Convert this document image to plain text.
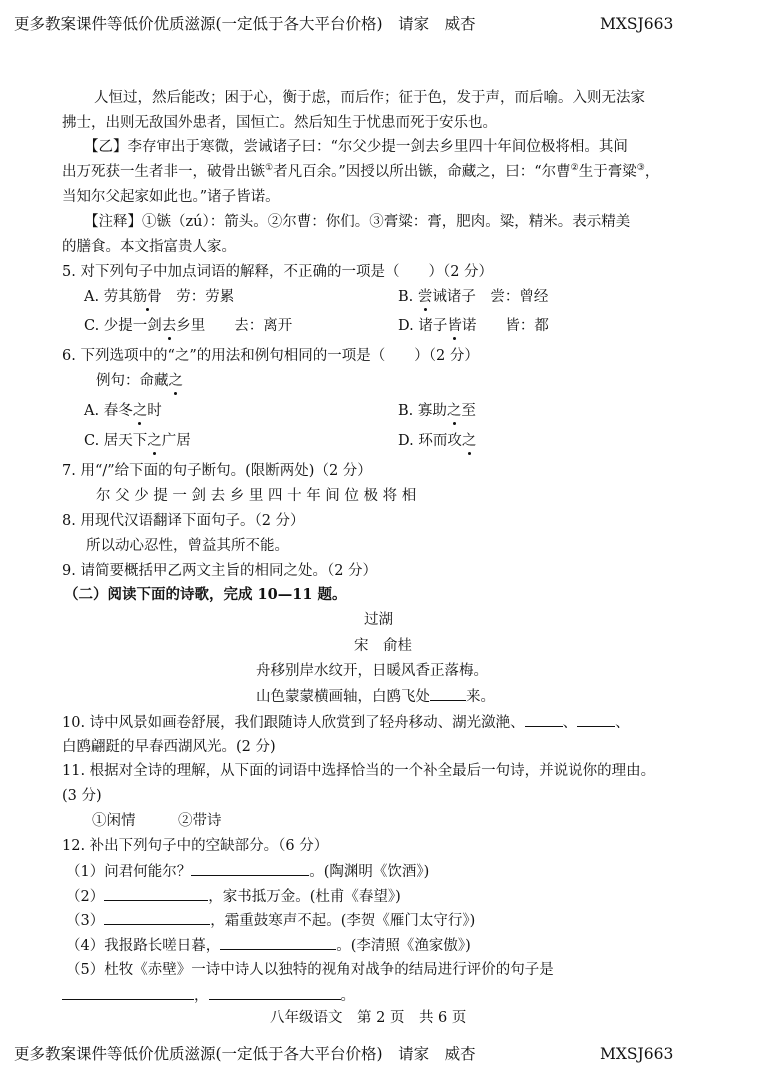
更多教案课件等低价优质滋源(一定低于各大平台价格)　请家　威杏	MXSJ663
人恒过，然后能改；困于心，衡于虑，而后作；征于色，发于声，而后喻。入则无法家
拂士，出则无敌国外患者，国恒亡。然后知生于忧患而死于安乐也。
【乙】李存审出于寒微，尝诫诸子曰：“尔父少提一剑去乡里四十年间位极将相。其间
出万死获一生者非一，破骨出镞①者凡百余。”因授以所出镞，命藏之，曰：“尔曹②生于膏粱③，
当知尔父起家如此也。”诸子皆诺。
【注释】①镞（zú）：箭头。②尔曹：你们。③膏粱：膏，肥肉。粱，精米。表示精美
的膳食。本文指富贵人家。
5. 对下列句子中加点词语的解释，不正确的一项是（　　）（2 分）
A. 劳其筋骨　劳：劳累	B. 尝诫诸子　尝：曾经
C. 少提一剑去乡里　　去：离开	D. 诸子皆诺　　皆：都
6. 下列选项中的“之”的用法和例句相同的一项是（　　）（2 分）
例句：命藏之
A. 春冬之时	B. 寡助之至
C. 居天下之广居	D. 环而攻之
7. 用“/”给下面的句子断句。(限断两处)（2 分）
尔 父 少 提 一 剑 去 乡 里 四 十 年 间 位 极 将 相
8. 用现代汉语翻译下面句子。（2 分）
所以动心忍性，曾益其所不能。
9. 请简要概括甲乙两文主旨的相同之处。（2 分）
（二）阅读下面的诗歌，完成 10—11 题。
过湖
宋　俞桂
舟移别岸水纹开，日暖风香正落梅。
山色蒙蒙横画轴，白鸥飞处 来。
10. 诗中风景如画卷舒展，我们跟随诗人欣赏到了轻舟移动、湖光潋滟、	、	、
白鸥翩跹的早春西湖风光。(2 分)
11. 根据对全诗的理解，从下面的词语中选择恰当的一个补全最后一句诗，并说说你的理由。
(3 分)
①闲情	②带诗
12. 补出下列句子中的空缺部分。（6 分）
（1）问君何能尔？	。(陶渊明《饮酒》)
（2）	，家书抵万金。(杜甫《春望》)
（3）	，霜重鼓寒声不起。(李贺《雁门太守行》)
（4）我报路长嗟日暮，	。(李清照《渔家傲》)
（5）杜牧《赤壁》一诗中诗人以独特的视角对战争的结局进行评价的句子是
，	。
八年级语文　第 2 页　共 6 页
更多教案课件等低价优质滋源(一定低于各大平台价格)　请家　威杏	MXSJ663
